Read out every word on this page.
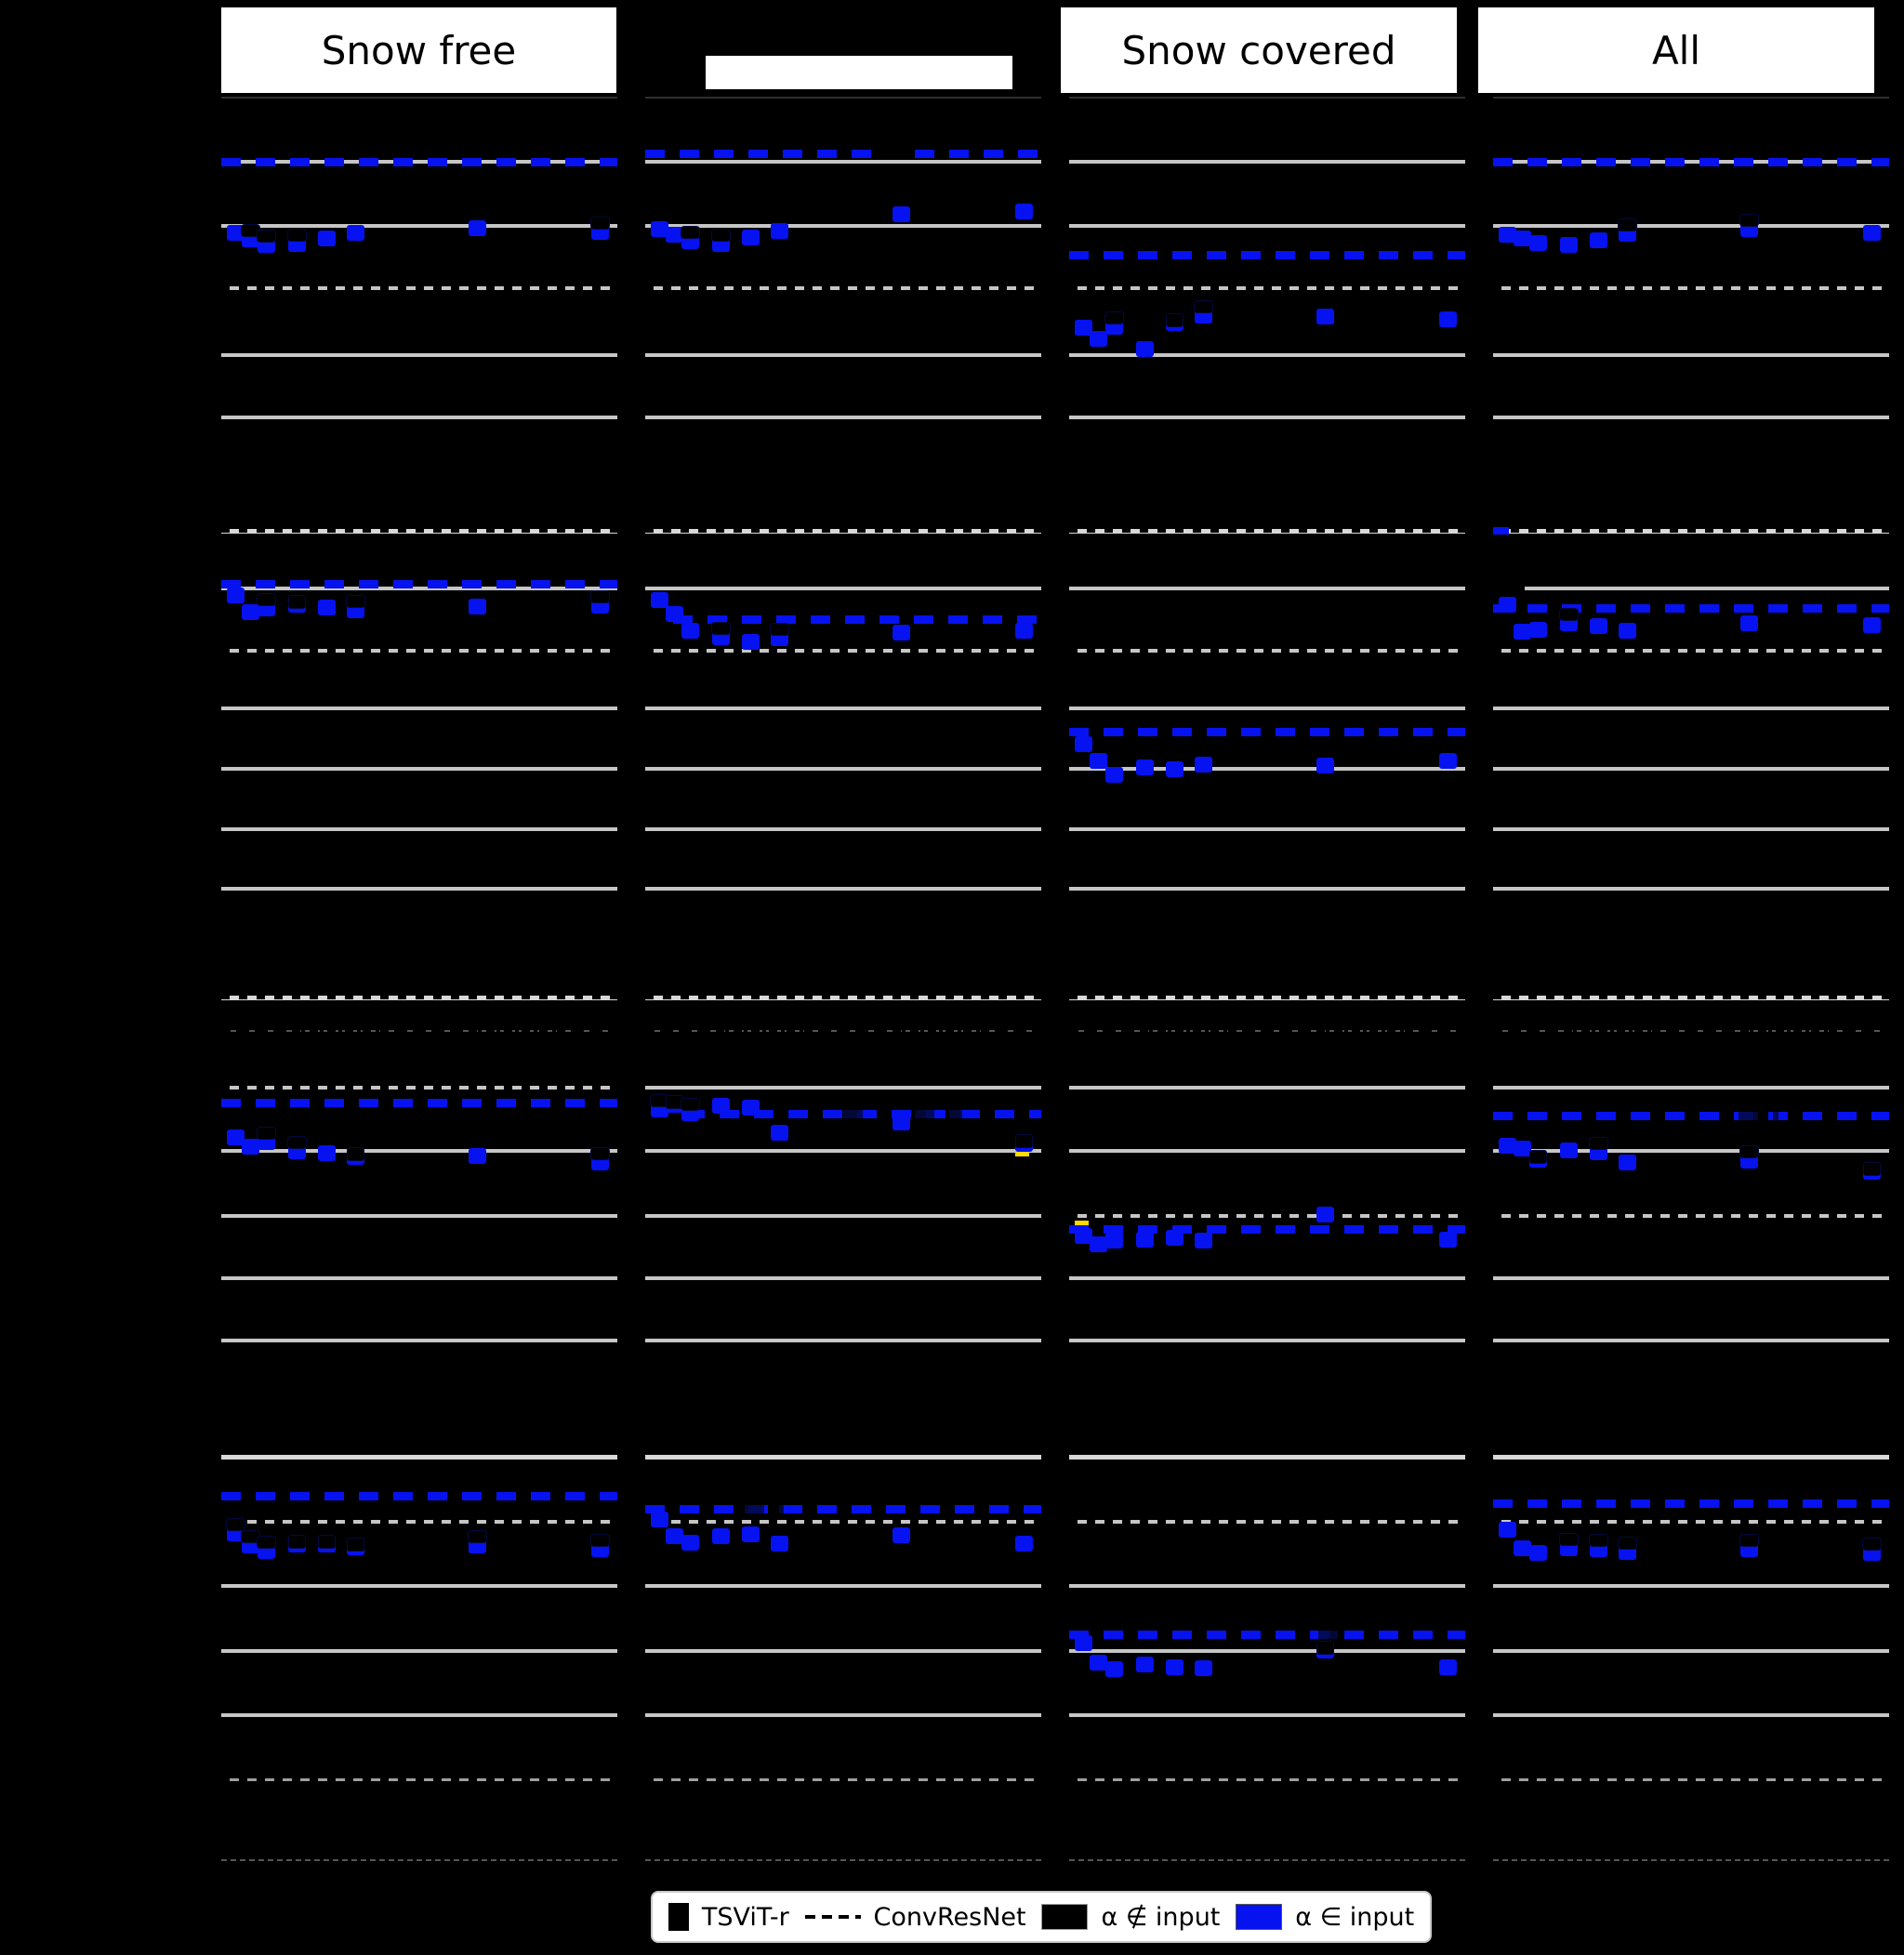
Snow free	Snow covered	All
TSViT-r	ConvResNet	α ∉ input	α ∈ input
